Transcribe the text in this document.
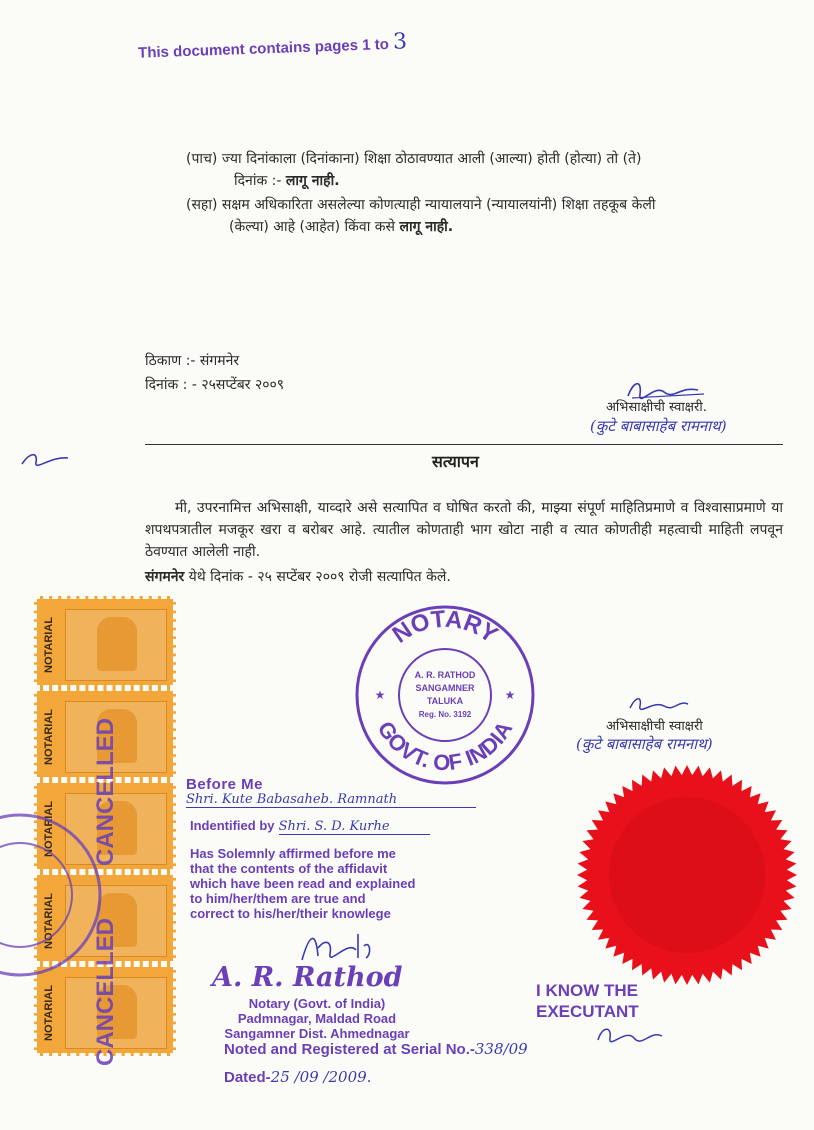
This document contains pages 1 to 3
(पाच) ज्या दिनांकाला (दिनांकाना) शिक्षा ठोठावण्यात आली (आल्या) होती (होत्या) तो (ते)
दिनांक :- लागू नाही.
(सहा) सक्षम अधिकारिता असलेल्या कोणत्याही न्यायालयाने (न्यायालयांनी) शिक्षा तहकूब केली
(केल्या) आहे (आहेत) किंवा कसे लागू नाही.
ठिकाण :- संगमनेर
दिनांक : - २५सप्टेंबर २००९
अभिसाक्षीची स्वाक्षरी.
(कुटे बाबासाहेब रामनाथ)
सत्यापन
मी, उपरनामित्त अभिसाक्षी, याव्दारे असे सत्यापित व घोषित करतो की, माझ्या संपूर्ण माहितिप्रमाणे व विश्वासाप्रमाणे या शपथपत्रातील मजकूर खरा व बरोबर आहे. त्यातील कोणताही भाग खोटा नाही व त्यात कोणतीही महत्वाची माहिती लपवून ठेवण्यात आलेली नाही.
संगमनेर येथे दिनांक - २५ सप्टेंबर २००९ रोजी सत्यापित केले.
NOTARIAL
NOTARIAL
NOTARIAL
NOTARIAL
NOTARIAL
CANCELLED
CANCELLED
NOTARY
GOVT. OF INDIA
A. R. RATHOD
SANGAMNER
TALUKA
Reg. No. 3192
★	★
अभिसाक्षीची स्वाक्षरी
(कुटे बाबासाहेब रामनाथ)
Before Me
Shri. Kute Babasaheb. Ramnath
Indentified by Shri. S. D. Kurhe
Has Solemnly affirmed before me
that the contents of the affidavit
which have been read and explained
to him/her/them are true and
correct to his/her/their knowlege
A. R. Rathod
Notary (Govt. of India)
Padmnagar, Maldad Road
Sangamner Dist. Ahmednagar
Noted and Registered at Serial No.-338/09
Dated-25 /09 /2009.
I KNOW THE
EXECUTANT
